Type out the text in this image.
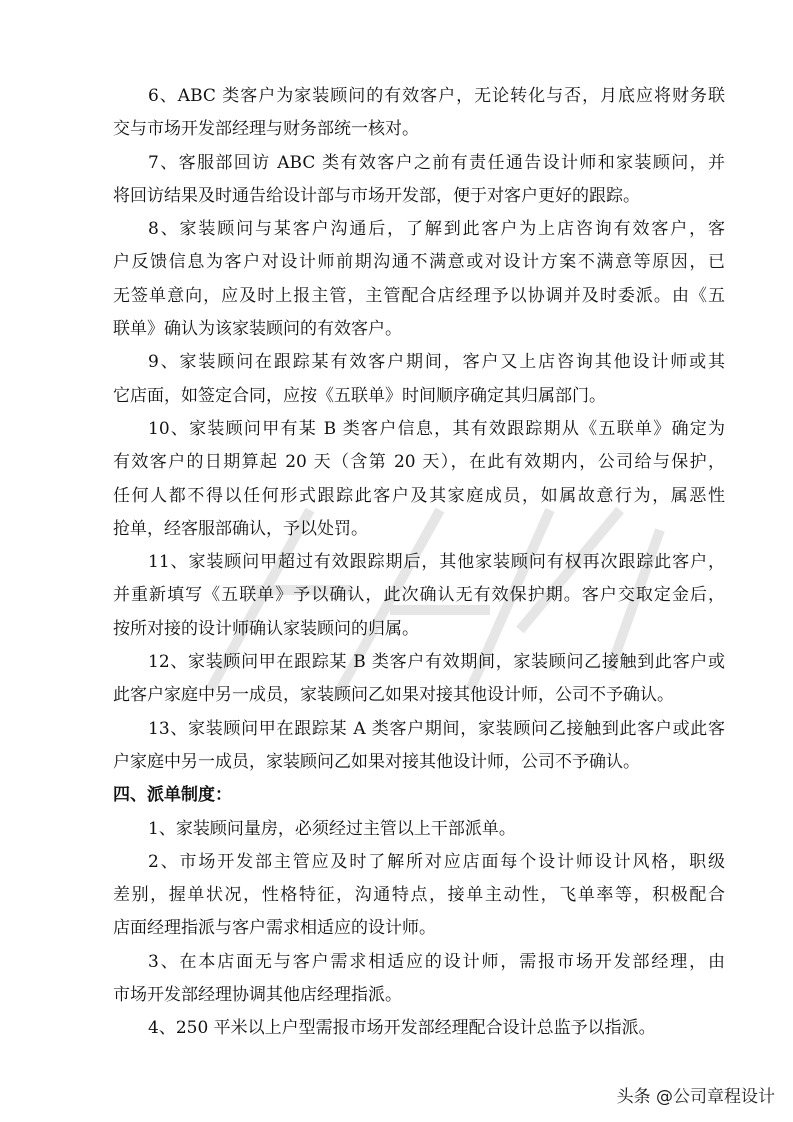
6、ABC 类客户为家装顾问的有效客户，无论转化与否，月底应将财务联
交与市场开发部经理与财务部统一核对。
7、客服部回访 ABC 类有效客户之前有责任通告设计师和家装顾问，并
将回访结果及时通告给设计部与市场开发部，便于对客户更好的跟踪。
8、家装顾问与某客户沟通后，了解到此客户为上店咨询有效客户，客
户反馈信息为客户对设计师前期沟通不满意或对设计方案不满意等原因，已
无签单意向，应及时上报主管，主管配合店经理予以协调并及时委派。由《五
联单》确认为该家装顾问的有效客户。
9、家装顾问在跟踪某有效客户期间，客户又上店咨询其他设计师或其
它店面，如签定合同，应按《五联单》时间顺序确定其归属部门。
10、家装顾问甲有某 B 类客户信息，其有效跟踪期从《五联单》确定为
有效客户的日期算起 20 天（含第 20 天），在此有效期内，公司给与保护，
任何人都不得以任何形式跟踪此客户及其家庭成员，如属故意行为，属恶性
抢单，经客服部确认，予以处罚。
11、家装顾问甲超过有效跟踪期后，其他家装顾问有权再次跟踪此客户，
并重新填写《五联单》予以确认，此次确认无有效保护期。客户交取定金后，
按所对接的设计师确认家装顾问的归属。
12、家装顾问甲在跟踪某 B 类客户有效期间，家装顾问乙接触到此客户或
此客户家庭中另一成员，家装顾问乙如果对接其他设计师，公司不予确认。
13、家装顾问甲在跟踪某 A 类客户期间，家装顾问乙接触到此客户或此客
户家庭中另一成员，家装顾问乙如果对接其他设计师，公司不予确认。
四、派单制度：
1、家装顾问量房，必须经过主管以上干部派单。
2、市场开发部主管应及时了解所对应店面每个设计师设计风格，职级
差别，握单状况，性格特征，沟通特点，接单主动性，飞单率等，积极配合
店面经理指派与客户需求相适应的设计师。
3、在本店面无与客户需求相适应的设计师，需报市场开发部经理，由
市场开发部经理协调其他店经理指派。
4、250 平米以上户型需报市场开发部经理配合设计总监予以指派。
头条 @公司章程设计
